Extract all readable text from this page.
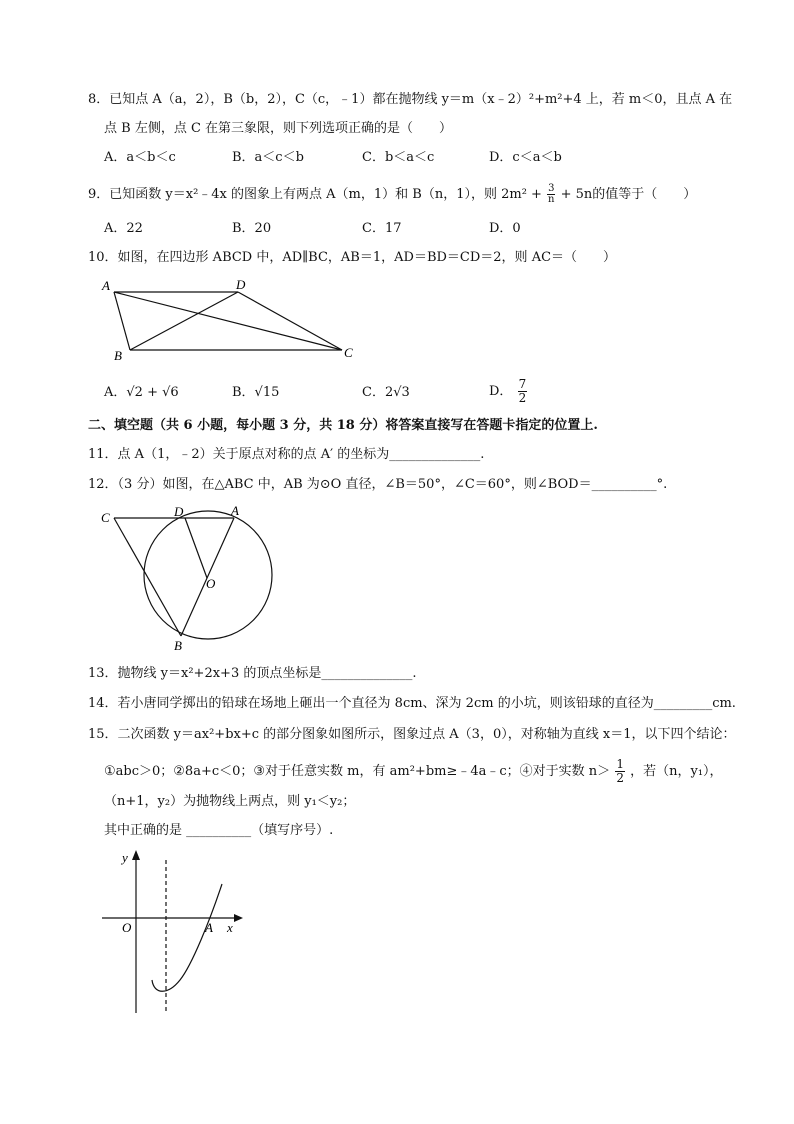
8．已知点 A（a，2），B（b，2），C（c，﹣1）都在抛物线 y＝m（x﹣2）²+m²+4 上，若 m＜0，且点 A 在
点 B 左侧，点 C 在第三象限，则下列选项正确的是（　　）
A．a＜b＜c	B．a＜c＜b	C．b＜a＜c	D．c＜a＜b
9．已知函数 y＝x²﹣4x 的图象上有两点 A（m，1）和 B（n，1），则 $2m^2 + \frac{3}{n} + 5n$的值等于（　　）
A．22	B．20	C．17	D．0
10．如图，在四边形 ABCD 中，AD∥BC，AB＝1，AD＝BD＝CD＝2，则 AC＝（　　）
A	D
B	C
A．√2 + √6	B．√15	C．2√3	D． $\frac{7}{2}$
二、填空题（共 6 小题，每小题 3 分，共 18 分）将答案直接写在答题卡指定的位置上.
11．点 A（1，﹣2）关于原点对称的点 A′ 的坐标为______________.
12．（3 分）如图，在△ABC 中，AB 为⊙O 直径，∠B＝50°，∠C＝60°，则∠BOD＝__________°.
C	D	A
O
B
13．抛物线 y＝x²+2x+3 的顶点坐标是______________.
14．若小唐同学掷出的铅球在场地上砸出一个直径为 8cm、深为 2cm 的小坑，则该铅球的直径为_________cm.
15．二次函数 y＝ax²+bx+c 的部分图象如图所示，图象过点 A（3，0），对称轴为直线 x＝1，以下四个结论：
①abc＞0；②8a+c＜0；③对于任意实数 m，有 am²+bm≥﹣4a﹣c；④对于实数 $n> \frac{1}{2}$ ，若（n，y₁），
（n+1，y₂）为抛物线上两点，则 y₁＜y₂；
其中正确的是 __________（填写序号）.
y
O	A x
